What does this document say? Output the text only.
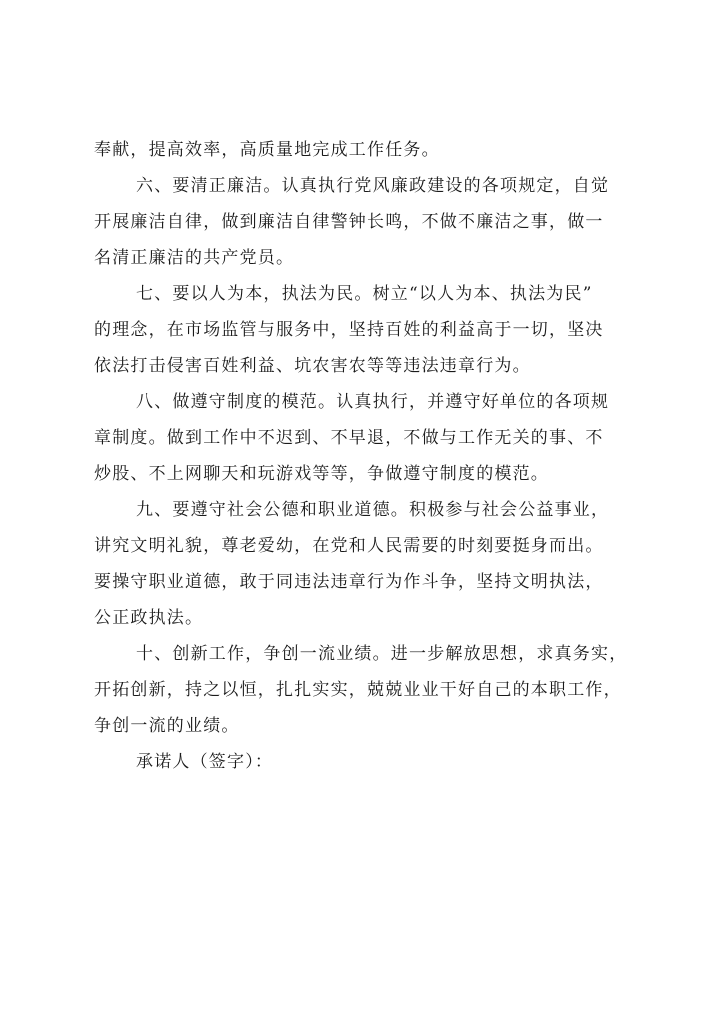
奉献，提高效率，高质量地完成工作任务。
六、要清正廉洁。认真执行党风廉政建设的各项规定，自觉
开展廉洁自律，做到廉洁自律警钟长鸣，不做不廉洁之事，做一
名清正廉洁的共产党员。
七、要以人为本，执法为民。树立“以人为本、执法为民”
的理念，在市场监管与服务中，坚持百姓的利益高于一切，坚决
依法打击侵害百姓利益、坑农害农等等违法违章行为。
八、做遵守制度的模范。认真执行，并遵守好单位的各项规
章制度。做到工作中不迟到、不早退，不做与工作无关的事、不
炒股、不上网聊天和玩游戏等等，争做遵守制度的模范。
九、要遵守社会公德和职业道德。积极参与社会公益事业，
讲究文明礼貌，尊老爱幼，在党和人民需要的时刻要挺身而出。
要操守职业道德，敢于同违法违章行为作斗争，坚持文明执法，
公正政执法。
十、创新工作，争创一流业绩。进一步解放思想，求真务实，
开拓创新，持之以恒，扎扎实实，兢兢业业干好自己的本职工作，
争创一流的业绩。
承诺人（签字）：
